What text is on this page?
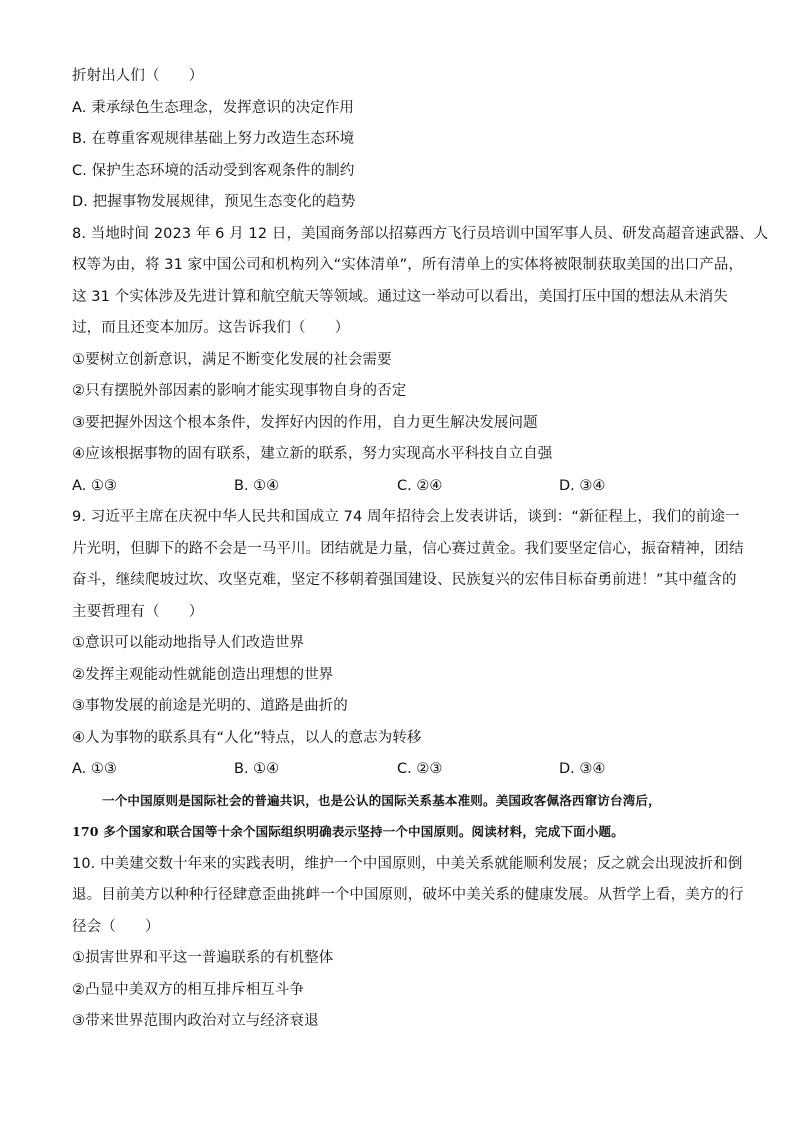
折射出人们（　　）
A. 秉承绿色生态理念，发挥意识的决定作用
B. 在尊重客观规律基础上努力改造生态环境
C. 保护生态环境的活动受到客观条件的制约
D. 把握事物发展规律，预见生态变化的趋势
8. 当地时间 2023 年 6 月 12 日，美国商务部以招募西方飞行员培训中国军事人员、研发高超音速武器、人
权等为由，将 31 家中国公司和机构列入“实体清单”，所有清单上的实体将被限制获取美国的出口产品，
这 31 个实体涉及先进计算和航空航天等领域。通过这一举动可以看出，美国打压中国的想法从未消失
过，而且还变本加厉。这告诉我们（　　）
①要树立创新意识，满足不断变化发展的社会需要
②只有摆脱外部因素的影响才能实现事物自身的否定
③要把握外因这个根本条件，发挥好内因的作用，自力更生解决发展问题
④应该根据事物的固有联系，建立新的联系，努力实现高水平科技自立自强
A. ①③	B. ①④	C. ②④	D. ③④
9. 习近平主席在庆祝中华人民共和国成立 74 周年招待会上发表讲话，谈到：“新征程上，我们的前途一
片光明，但脚下的路不会是一马平川。团结就是力量，信心赛过黄金。我们要坚定信心，振奋精神，团结
奋斗，继续爬坡过坎、攻坚克难，坚定不移朝着强国建设、民族复兴的宏伟目标奋勇前进！”其中蕴含的
主要哲理有（　　）
①意识可以能动地指导人们改造世界
②发挥主观能动性就能创造出理想的世界
③事物发展的前途是光明的、道路是曲折的
④人为事物的联系具有“人化”特点，以人的意志为转移
A. ①③	B. ①④	C. ②③	D. ③④
一个中国原则是国际社会的普遍共识，也是公认的国际关系基本准则。美国政客佩洛西窜访台湾后，
170 多个国家和联合国等十余个国际组织明确表示坚持一个中国原则。阅读材料，完成下面小题。
10. 中美建交数十年来的实践表明，维护一个中国原则，中美关系就能顺利发展；反之就会出现波折和倒
退。目前美方以种种行径肆意歪曲挑衅一个中国原则，破坏中美关系的健康发展。从哲学上看，美方的行
径会（　　）
①损害世界和平这一普遍联系的有机整体
②凸显中美双方的相互排斥相互斗争
③带来世界范围内政治对立与经济衰退
